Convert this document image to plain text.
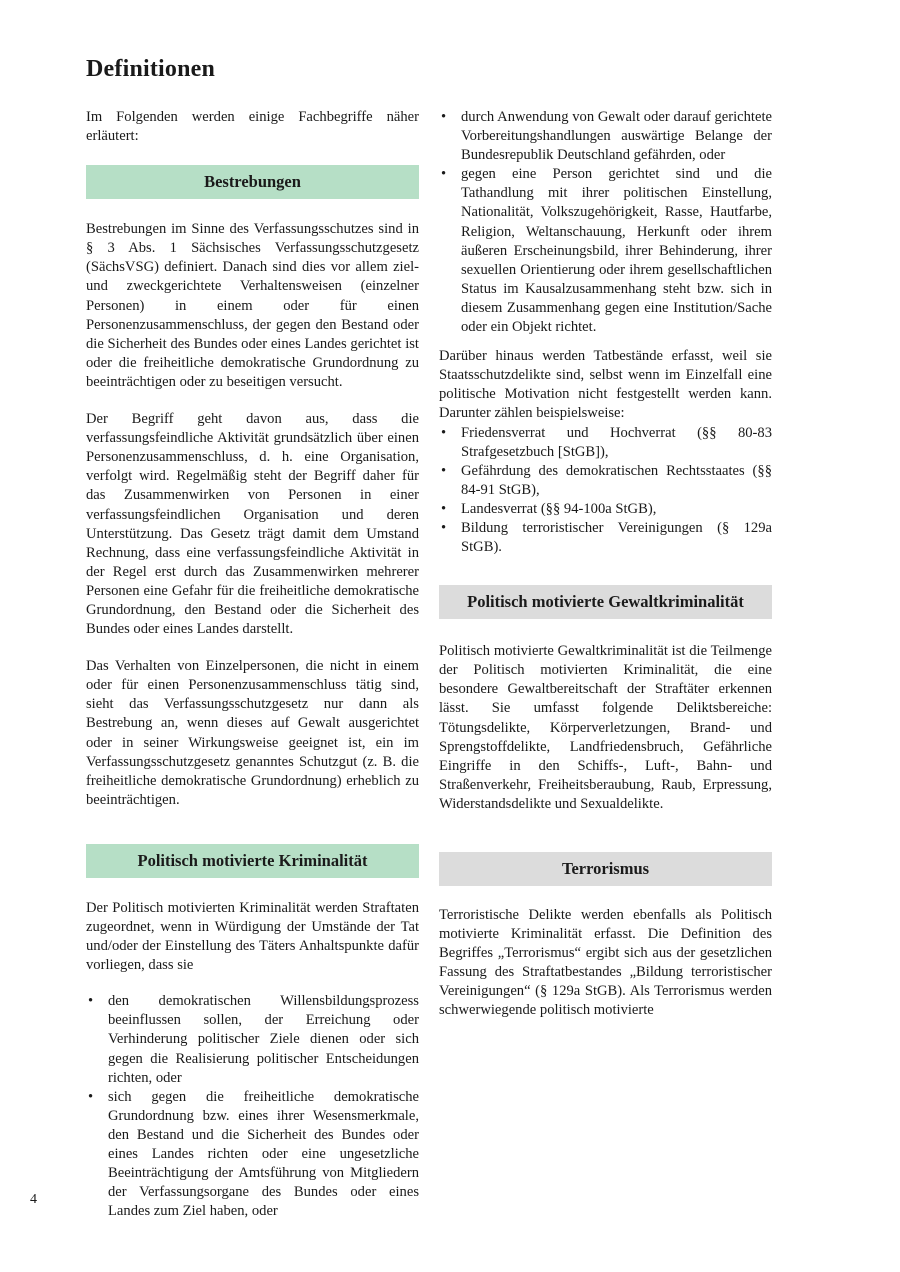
Definitionen

Im Folgenden werden einige Fachbegriffe näher erläutert:

Bestrebungen

Bestrebungen im Sinne des Verfassungsschutzes sind in § 3 Abs. 1 Sächsisches Verfassungsschutzgesetz (SächsVSG) definiert. Danach sind dies vor allem ziel- und zweckgerichtete Verhaltensweisen (einzelner Personen) in einem oder für einen Personenzusammenschluss, der gegen den Bestand oder die Sicherheit des Bundes oder eines Landes gerichtet ist oder die freiheitliche demokratische Grundordnung zu beeinträchtigen oder zu beseitigen versucht.

Der Begriff geht davon aus, dass die verfassungsfeindliche Aktivität grundsätzlich über einen Personenzusammenschluss, d. h. eine Organisation, verfolgt wird. Regelmäßig steht der Begriff daher für das Zusammenwirken von Personen in einer verfassungsfeindlichen Organisation und deren Unterstützung. Das Gesetz trägt damit dem Umstand Rechnung, dass eine verfassungsfeindliche Aktivität in der Regel erst durch das Zusammenwirken mehrerer Personen eine Gefahr für die freiheitliche demokratische Grundordnung, den Bestand oder die Sicherheit des Bundes oder eines Landes darstellt.

Das Verhalten von Einzelpersonen, die nicht in einem oder für einen Personenzusammenschluss tätig sind, sieht das Verfassungsschutzgesetz nur dann als Bestrebung an, wenn dieses auf Gewalt ausgerichtet oder in seiner Wirkungsweise geeignet ist, ein im Verfassungsschutzgesetz genanntes Schutzgut (z. B. die freiheitliche demokratische Grundordnung) erheblich zu beeinträchtigen.

Politisch motivierte Kriminalität

Der Politisch motivierten Kriminalität werden Straftaten zugeordnet, wenn in Würdigung der Umstände der Tat und/oder der Einstellung des Täters Anhaltspunkte dafür vorliegen, dass sie

• den demokratischen Willensbildungsprozess beeinflussen sollen, der Erreichung oder Verhinderung politischer Ziele dienen oder sich gegen die Realisierung politischer Entscheidungen richten, oder
• sich gegen die freiheitliche demokratische Grundordnung bzw. eines ihrer Wesensmerkmale, den Bestand und die Sicherheit des Bundes oder eines Landes richten oder eine ungesetzliche Beeinträchtigung der Amtsführung von Mitgliedern der Verfassungsorgane des Bundes oder eines Landes zum Ziel haben, oder
• durch Anwendung von Gewalt oder darauf gerichtete Vorbereitungshandlungen auswärtige Belange der Bundesrepublik Deutschland gefährden, oder
• gegen eine Person gerichtet sind und die Tathandlung mit ihrer politischen Einstellung, Nationalität, Volkszugehörigkeit, Rasse, Hautfarbe, Religion, Weltanschauung, Herkunft oder ihrem äußeren Erscheinungsbild, ihrer Behinderung, ihrer sexuellen Orientierung oder ihrem gesellschaftlichen Status im Kausalzusammenhang steht bzw. sich in diesem Zusammenhang gegen eine Institution/Sache oder ein Objekt richtet.

Darüber hinaus werden Tatbestände erfasst, weil sie Staatsschutzdelikte sind, selbst wenn im Einzelfall eine politische Motivation nicht festgestellt werden kann. Darunter zählen beispielsweise:

• Friedensverrat und Hochverrat (§§ 80-83 Strafgesetzbuch [StGB]),
• Gefährdung des demokratischen Rechtsstaates (§§ 84-91 StGB),
• Landesverrat (§§ 94-100a StGB),
• Bildung terroristischer Vereinigungen (§ 129a StGB).
Politisch motivierte Gewaltkriminalität

Politisch motivierte Gewaltkriminalität ist die Teilmenge der Politisch motivierten Kriminalität, die eine besondere Gewaltbereitschaft der Straftäter erkennen lässt. Sie umfasst folgende Deliktsbereiche: Tötungsdelikte, Körperverletzungen, Brand- und Sprengstoffdelikte, Landfriedensbruch, Gefährliche Eingriffe in den Schiffs-, Luft-, Bahn- und Straßenverkehr, Freiheitsberaubung, Raub, Erpressung, Widerstandsdelikte und Sexualdelikte.

Terrorismus

Terroristische Delikte werden ebenfalls als Politisch motivierte Kriminalität erfasst. Die Definition des Begriffes „Terrorismus“ ergibt sich aus der gesetzlichen Fassung des Straftatbestandes „Bildung terroristischer Vereinigungen“ (§ 129a StGB). Als Terrorismus werden schwerwiegende politisch motivierte

4
